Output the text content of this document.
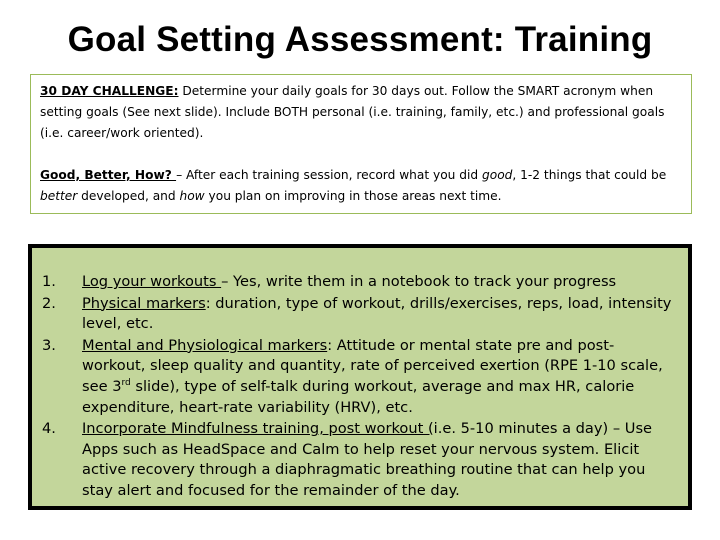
Goal Setting Assessment: Training

30 DAY CHALLENGE: Determine your daily goals for 30 days out. Follow the SMART acronym when setting goals (See next slide). Include BOTH personal (i.e. training, family, etc.) and professional goals (i.e. career/work oriented).

Good, Better, How? – After each training session, record what you did good, 1-2 things that could be better developed, and how you plan on improving in those areas next time.

1.	Log your workouts – Yes, write them in a notebook to track your progress
2.	Physical markers: duration, type of workout, drills/exercises, reps, load, intensity level, etc.
3.	Mental and Physiological markers: Attitude or mental state pre and post-workout, sleep quality and quantity, rate of perceived exertion (RPE 1-10 scale, see 3rd slide), type of self-talk during workout, average and max HR, calorie expenditure, heart-rate variability (HRV), etc.
4.	Incorporate Mindfulness training, post workout (i.e. 5-10 minutes a day) – Use Apps such as HeadSpace and Calm to help reset your nervous system. Elicit active recovery through a diaphragmatic breathing routine that can help you stay alert and focused for the remainder of the day.
